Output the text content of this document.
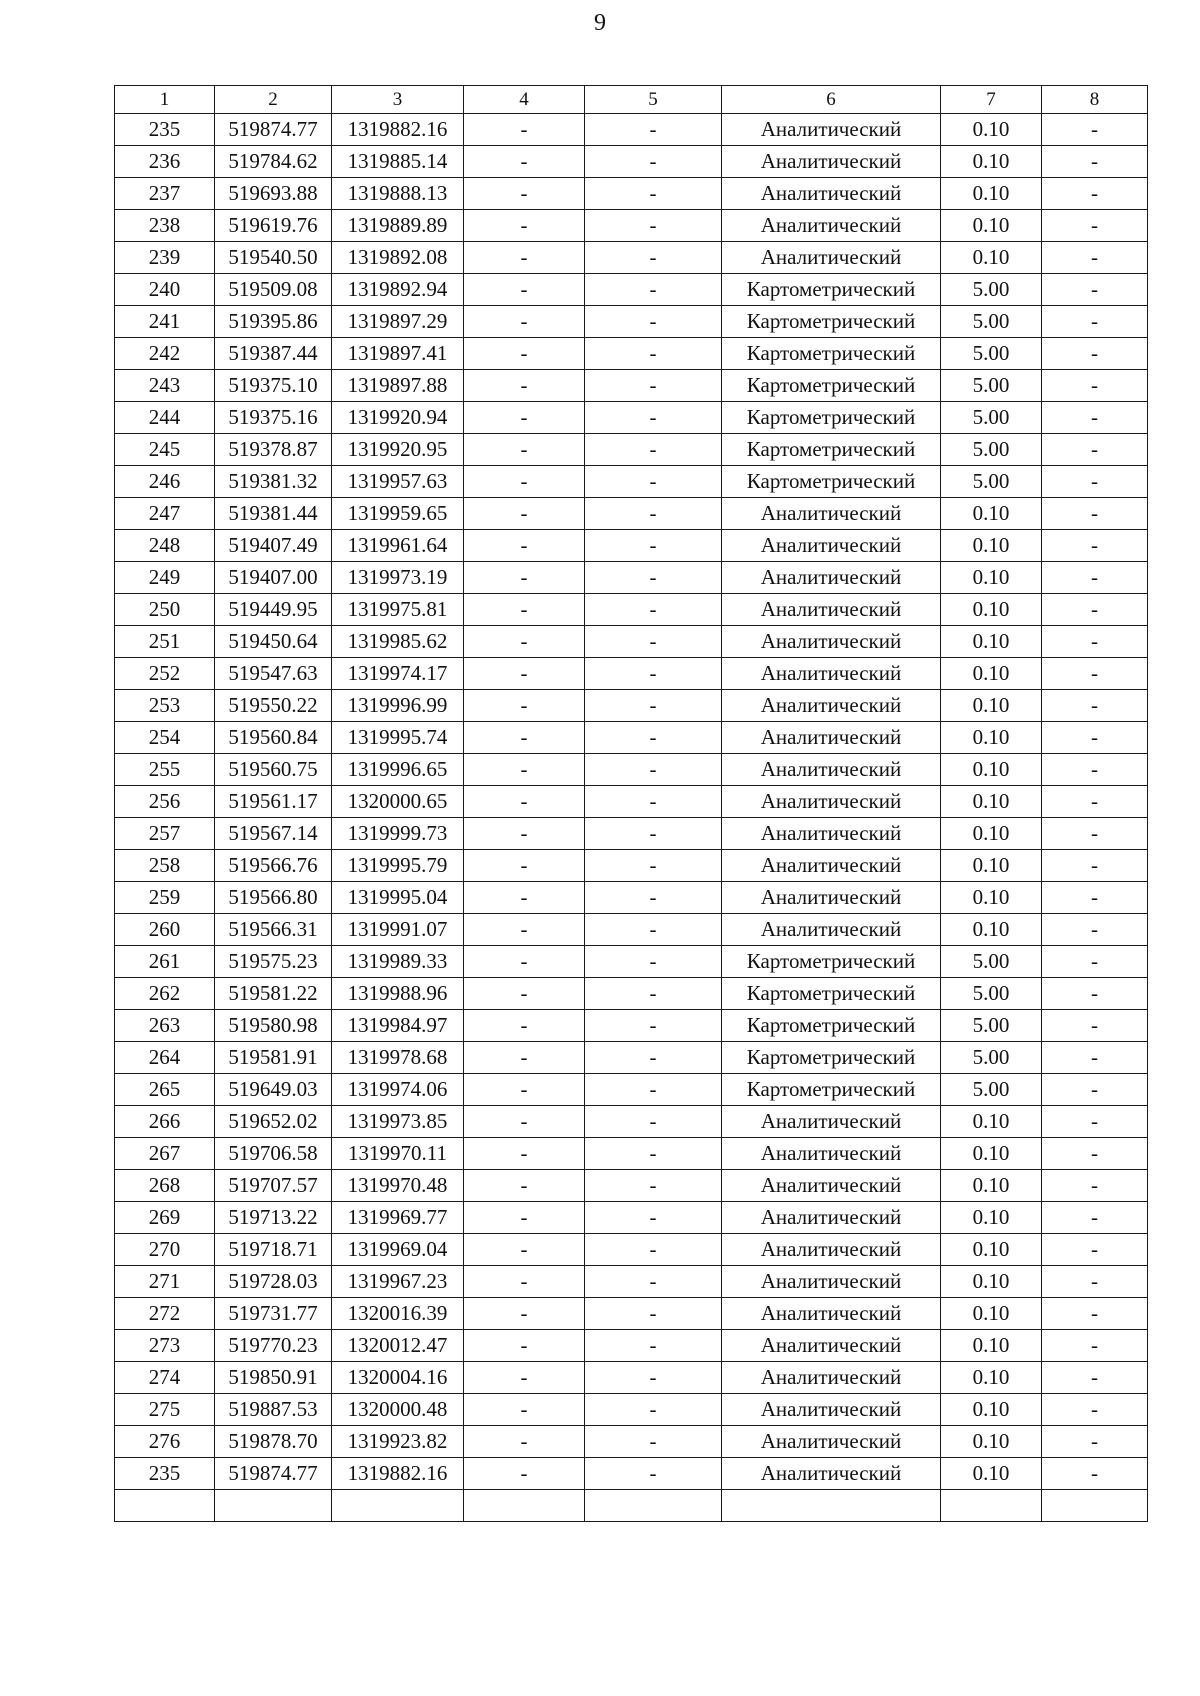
9
1	2	3	4	5	6	7	8
235	519874.77	1319882.16	-	-	Аналитический	0.10	-
236	519784.62	1319885.14	-	-	Аналитический	0.10	-
237	519693.88	1319888.13	-	-	Аналитический	0.10	-
238	519619.76	1319889.89	-	-	Аналитический	0.10	-
239	519540.50	1319892.08	-	-	Аналитический	0.10	-
240	519509.08	1319892.94	-	-	Картометрический	5.00	-
241	519395.86	1319897.29	-	-	Картометрический	5.00	-
242	519387.44	1319897.41	-	-	Картометрический	5.00	-
243	519375.10	1319897.88	-	-	Картометрический	5.00	-
244	519375.16	1319920.94	-	-	Картометрический	5.00	-
245	519378.87	1319920.95	-	-	Картометрический	5.00	-
246	519381.32	1319957.63	-	-	Картометрический	5.00	-
247	519381.44	1319959.65	-	-	Аналитический	0.10	-
248	519407.49	1319961.64	-	-	Аналитический	0.10	-
249	519407.00	1319973.19	-	-	Аналитический	0.10	-
250	519449.95	1319975.81	-	-	Аналитический	0.10	-
251	519450.64	1319985.62	-	-	Аналитический	0.10	-
252	519547.63	1319974.17	-	-	Аналитический	0.10	-
253	519550.22	1319996.99	-	-	Аналитический	0.10	-
254	519560.84	1319995.74	-	-	Аналитический	0.10	-
255	519560.75	1319996.65	-	-	Аналитический	0.10	-
256	519561.17	1320000.65	-	-	Аналитический	0.10	-
257	519567.14	1319999.73	-	-	Аналитический	0.10	-
258	519566.76	1319995.79	-	-	Аналитический	0.10	-
259	519566.80	1319995.04	-	-	Аналитический	0.10	-
260	519566.31	1319991.07	-	-	Аналитический	0.10	-
261	519575.23	1319989.33	-	-	Картометрический	5.00	-
262	519581.22	1319988.96	-	-	Картометрический	5.00	-
263	519580.98	1319984.97	-	-	Картометрический	5.00	-
264	519581.91	1319978.68	-	-	Картометрический	5.00	-
265	519649.03	1319974.06	-	-	Картометрический	5.00	-
266	519652.02	1319973.85	-	-	Аналитический	0.10	-
267	519706.58	1319970.11	-	-	Аналитический	0.10	-
268	519707.57	1319970.48	-	-	Аналитический	0.10	-
269	519713.22	1319969.77	-	-	Аналитический	0.10	-
270	519718.71	1319969.04	-	-	Аналитический	0.10	-
271	519728.03	1319967.23	-	-	Аналитический	0.10	-
272	519731.77	1320016.39	-	-	Аналитический	0.10	-
273	519770.23	1320012.47	-	-	Аналитический	0.10	-
274	519850.91	1320004.16	-	-	Аналитический	0.10	-
275	519887.53	1320000.48	-	-	Аналитический	0.10	-
276	519878.70	1319923.82	-	-	Аналитический	0.10	-
235	519874.77	1319882.16	-	-	Аналитический	0.10	-
